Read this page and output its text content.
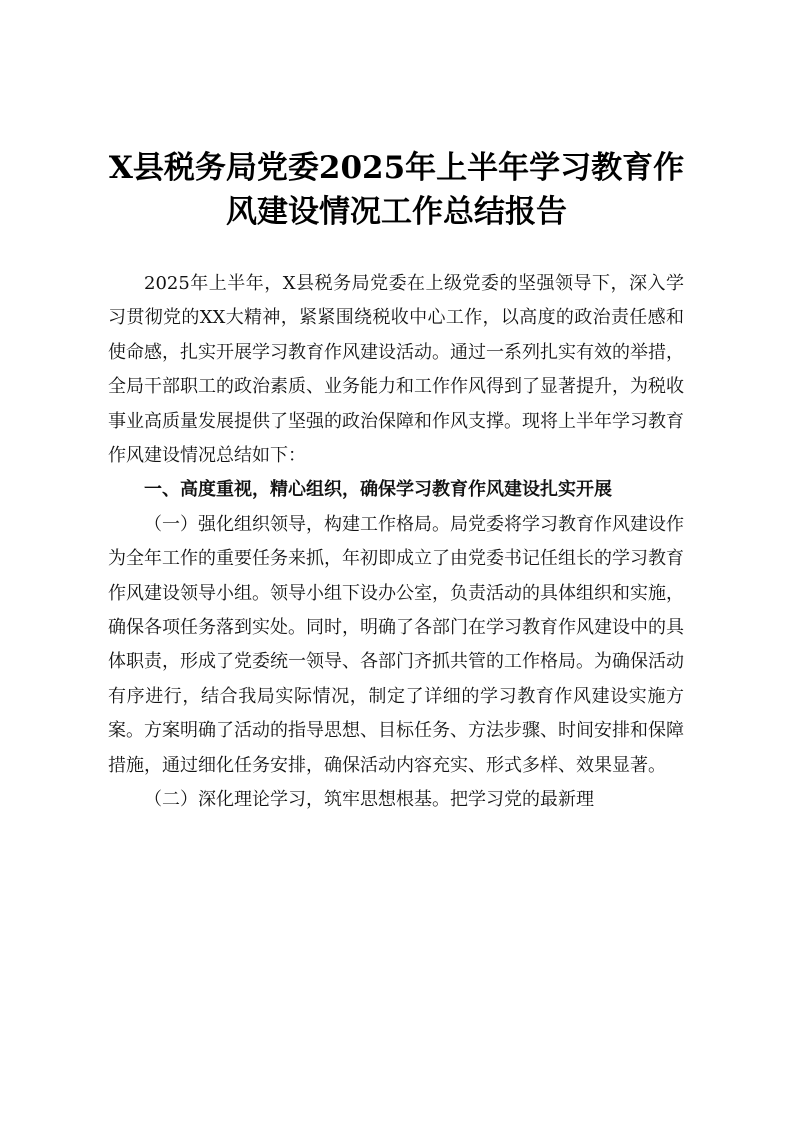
X县税务局党委2025年上半年学习教育作风建设情况工作总结报告

2025年上半年，X县税务局党委在上级党委的坚强领导下，深入学习贯彻党的XX大精神，紧紧围绕税收中心工作，以高度的政治责任感和使命感，扎实开展学习教育作风建设活动。通过一系列扎实有效的举措，全局干部职工的政治素质、业务能力和工作作风得到了显著提升，为税收事业高质量发展提供了坚强的政治保障和作风支撑。现将上半年学习教育作风建设情况总结如下：

一、高度重视，精心组织，确保学习教育作风建设扎实开展

（一）强化组织领导，构建工作格局。局党委将学习教育作风建设作为全年工作的重要任务来抓，年初即成立了由党委书记任组长的学习教育作风建设领导小组。领导小组下设办公室，负责活动的具体组织和实施，确保各项任务落到实处。同时，明确了各部门在学习教育作风建设中的具体职责，形成了党委统一领导、各部门齐抓共管的工作格局。为确保活动有序进行，结合我局实际情况，制定了详细的学习教育作风建设实施方案。方案明确了活动的指导思想、目标任务、方法步骤、时间安排和保障措施，通过细化任务安排，确保活动内容充实、形式多样、效果显著。

（二）深化理论学习，筑牢思想根基。把学习党的最新理
